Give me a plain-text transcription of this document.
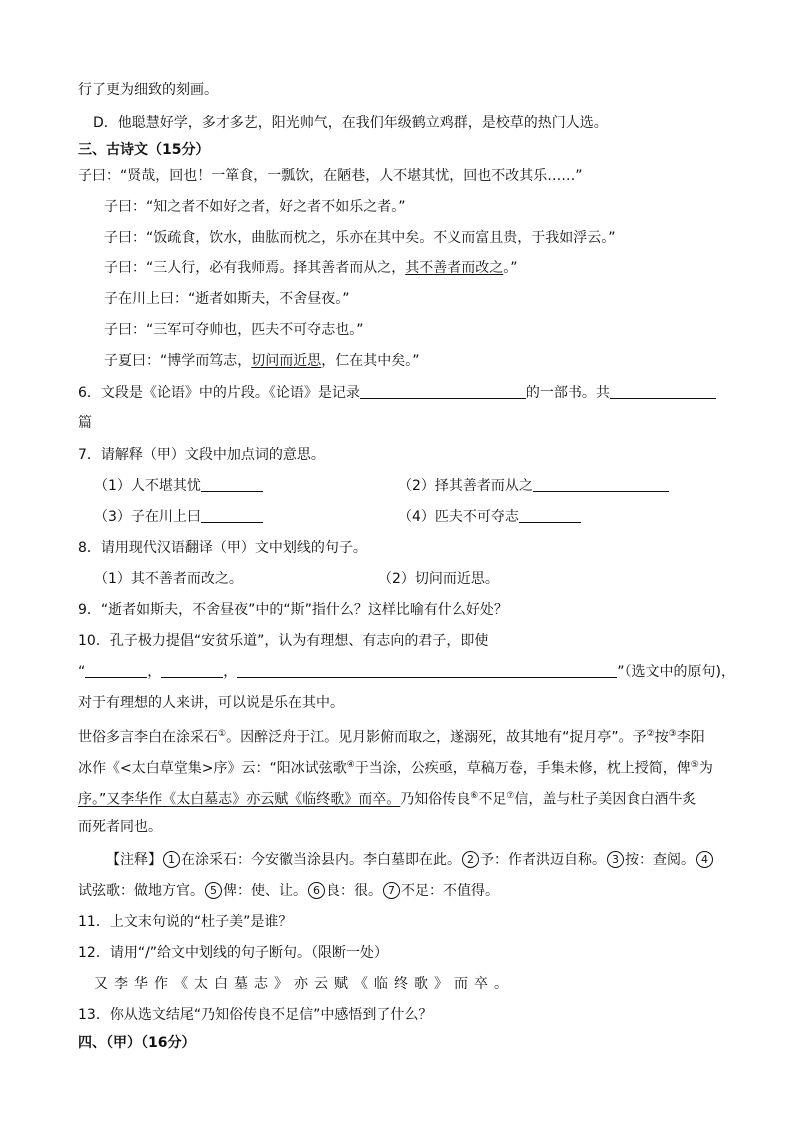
行了更为细致的刻画。
D．他聪慧好学，多才多艺，阳光帅气，在我们年级鹤立鸡群，是校草的热门人选。
三、古诗文（15分）
子曰：“贤哉，回也！一箪食，一瓢饮，在陋巷，人不堪其忧，回也不改其乐……”
子曰：“知之者不如好之者，好之者不如乐之者。”
子曰：“饭疏食，饮水，曲肱而枕之，乐亦在其中矣。不义而富且贵，于我如浮云。”
子曰：“三人行，必有我师焉。择其善者而从之，其不善者而改之。”
子在川上曰：“逝者如斯夫，不舍昼夜。”
子曰：“三军可夺帅也，匹夫不可夺志也。”
子夏曰：“博学而笃志，切问而近思，仁在其中矣。”
6．文段是《论语》中的片段。《论语》是记录	的一部书。共
篇
7．请解释（甲）文段中加点词的意思。
（1）人不堪其忧	（2）择其善者而从之
（3）子在川上曰	（4）匹夫不可夺志
8．请用现代汉语翻译（甲）文中划线的句子。
（1）其不善者而改之。	（2）切问而近思。
9．“逝者如斯夫，不舍昼夜”中的“斯”指什么？这样比喻有什么好处？
10．孔子极力提倡“安贫乐道”，认为有理想、有志向的君子，即使
“	，	，	”（选文中的原句)，
对于有理想的人来讲，可以说是乐在其中。
世俗多言李白在涂采石①。因醉泛舟于江。见月影俯而取之，遂溺死，故其地有“捉月亭”。予②按③李阳
冰作《<太白草堂集>序》云：“阳冰试弦歌④于当涂，公疾亟，草稿万卷，手集未修，枕上授简，俾⑤为
序。”又李华作《太白墓志》亦云赋《临终歌》而卒。乃知俗传良⑥不足⑦信，盖与杜子美因食白酒牛炙
而死者同也。
【注释】 1 在涂采石：今安徽当涂县内。李白墓即在此。 2 予：作者洪迈自称。 3 按：查阅。 4
试弦歌：做地方官。 5 俾：使、让。 6 良：很。 7 不足：不值得。
11．上文末句说的“杜子美”是谁？
12．请用“/”给文中划线的句子断句。（限断一处）
又李华作《太白墓志》亦云赋《临终歌》而卒。
13．你从选文结尾“乃知俗传良不足信”中感悟到了什么？
四、（甲）（16分）
